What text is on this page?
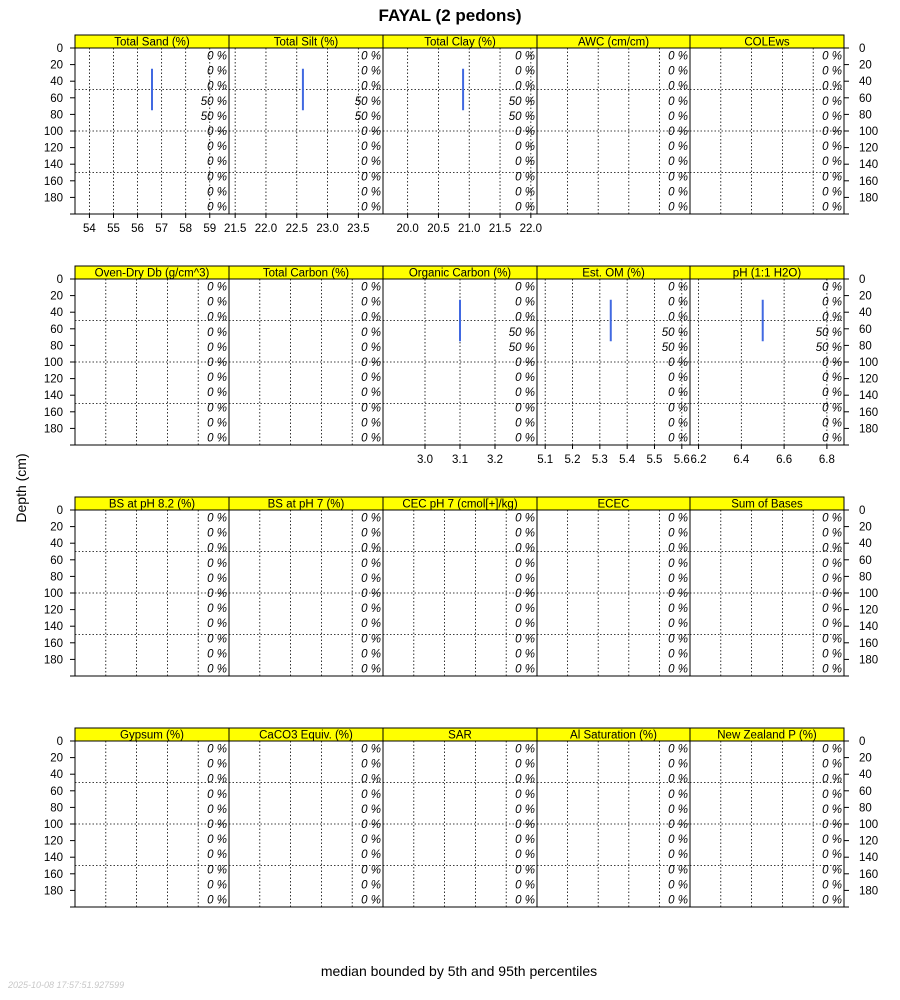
FAYAL (2 pedons)
Total Sand (%)
0 %
0 %
0 %
50 %
50 %
0 %
0 %
0 %
0 %
0 %
0 %
54 55 56 57 58 59
0
20
40
60
80
100
120
140
160
180
Total Silt (%)
0 %
0 %
0 %
50 %
50 %
0 %
0 %
0 %
0 %
0 %
0 %
21.5 22.0 22.5 23.0 23.5
Total Clay (%)
0 %
0 %
0 %
50 %
50 %
0 %
0 %
0 %
0 %
0 %
0 %
20.0 20.5 21.0 21.5 22.0
AWC (cm/cm)
0 %
0 %
0 %
0 %
0 %
0 %
0 %
0 %
0 %
0 %
0 %
COLEws
0 %
0 %
0 %
0 %
0 %
0 %
0 %
0 %
0 %
0 %
0 %
0
20
40
60
80
100
120
140
160
180
Oven-Dry Db (g/cm^3)
0 %
0 %
0 %
0 %
0 %
0 %
0 %
0 %
0 %
0 %
0 %
0
20
40
60
80
100
120
140
160
180
Total Carbon (%)
0 %
0 %
0 %
0 %
0 %
0 %
0 %
0 %
0 %
0 %
0 %
Organic Carbon (%)
0 %
0 %
0 %
50 %
50 %
0 %
0 %
0 %
0 %
0 %
0 %
3.0 3.1 3.2
Est. OM (%)
0 %
0 %
0 %
50 %
50 %
0 %
0 %
0 %
0 %
0 %
0 %
5.1 5.2 5.3 5.4 5.5 5.6
pH (1:1 H2O)
0 %
0 %
0 %
50 %
50 %
0 %
0 %
0 %
0 %
0 %
0 %
6.2 6.4 6.6 6.8
0
20
40
60
80
100
120
140
160
180
BS at pH 8.2 (%)
0 %
0 %
0 %
0 %
0 %
0 %
0 %
0 %
0 %
0 %
0 %
0
20
40
60
80
100
120
140
160
180
BS at pH 7 (%)
0 %
0 %
0 %
0 %
0 %
0 %
0 %
0 %
0 %
0 %
0 %
CEC pH 7 (cmol[+]/kg)
0 %
0 %
0 %
0 %
0 %
0 %
0 %
0 %
0 %
0 %
0 %
ECEC
0 %
0 %
0 %
0 %
0 %
0 %
0 %
0 %
0 %
0 %
0 %
Sum of Bases
0 %
0 %
0 %
0 %
0 %
0 %
0 %
0 %
0 %
0 %
0 %
0
20
40
60
80
100
120
140
160
180
Gypsum (%)
0 %
0 %
0 %
0 %
0 %
0 %
0 %
0 %
0 %
0 %
0 %
0
20
40
60
80
100
120
140
160
180
CaCO3 Equiv. (%)
0 %
0 %
0 %
0 %
0 %
0 %
0 %
0 %
0 %
0 %
0 %
SAR
0 %
0 %
0 %
0 %
0 %
0 %
0 %
0 %
0 %
0 %
0 %
Al Saturation (%)
0 %
0 %
0 %
0 %
0 %
0 %
0 %
0 %
0 %
0 %
0 %
New Zealand P (%)
0 %
0 %
0 %
0 %
0 %
0 %
0 %
0 %
0 %
0 %
0 %
0
20
40
60
80
100
120
140
160
180
Depth (cm)
median bounded by 5th and 95th percentiles
2025-10-08 17:57:51.927599
